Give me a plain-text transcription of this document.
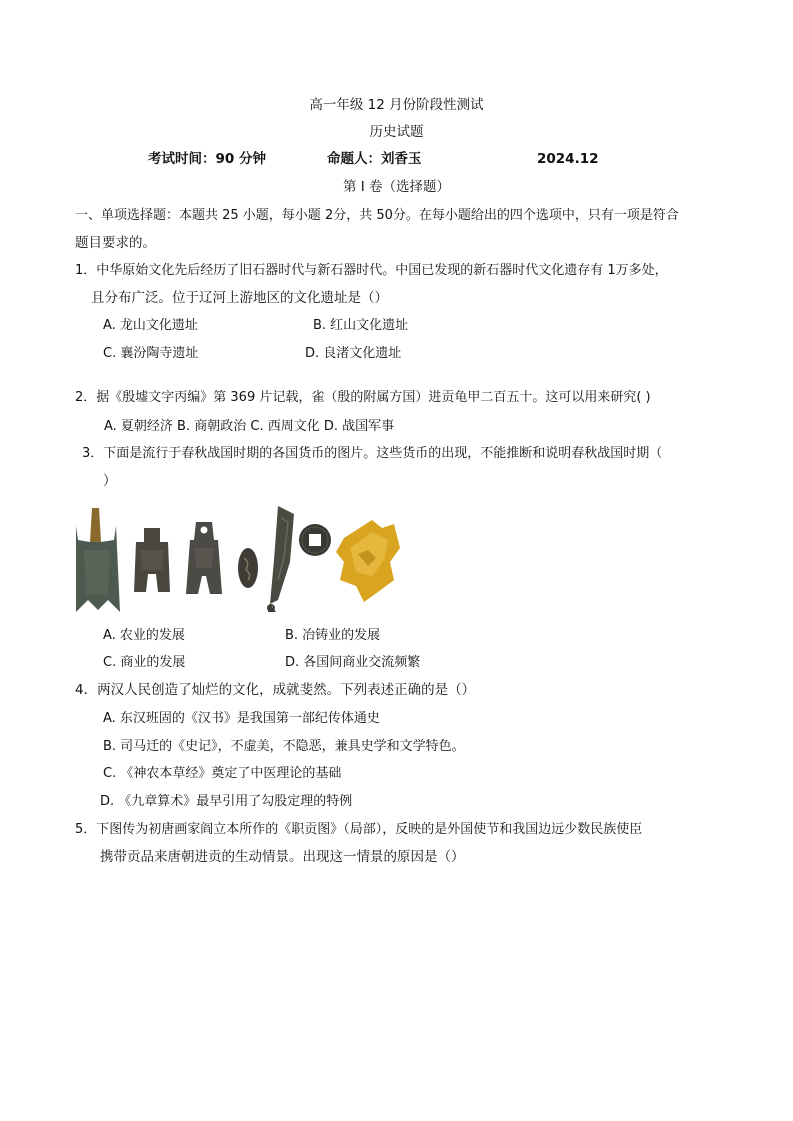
高一年级 12 月份阶段性测试
历史试题
考试时间：90 分钟	命题人：刘香玉	2024.12
第 I 卷（选择题）
一、单项选择题：本题共 25 小题，每小题 2分，共 50分。在每小题给出的四个选项中，只有一项是符合
题目要求的。
1．中华原始文化先后经历了旧石器时代与新石器时代。中国已发现的新石器时代文化遗存有 1万多处，
且分布广泛。位于辽河上游地区的文化遗址是（）
A. 龙山文化遗址	B. 红山文化遗址
C. 襄汾陶寺遗址	D. 良渚文化遗址
2．据《殷墟文字丙编》第 369 片记载，雀（殷的附属方国）进贡龟甲二百五十。这可以用来研究( )
A. 夏朝经济 B. 商朝政治 C. 西周文化 D. 战国军事
3．下面是流行于春秋战国时期的各国货币的图片。这些货币的出现，不能推断和说明春秋战国时期（
）
A. 农业的发展	B. 冶铸业的发展
C. 商业的发展	D. 各国间商业交流频繁
4．两汉人民创造了灿烂的文化，成就斐然。下列表述正确的是（）
A. 东汉班固的《汉书》是我国第一部纪传体通史
B. 司马迁的《史记》，不虚美，不隐恶，兼具史学和文学特色。
C. 《神农本草经》奠定了中医理论的基础
D. 《九章算术》最早引用了勾股定理的特例
5．下图传为初唐画家阎立本所作的《职贡图》（局部），反映的是外国使节和我国边远少数民族使臣
携带贡品来唐朝进贡的生动情景。出现这一情景的原因是（）
